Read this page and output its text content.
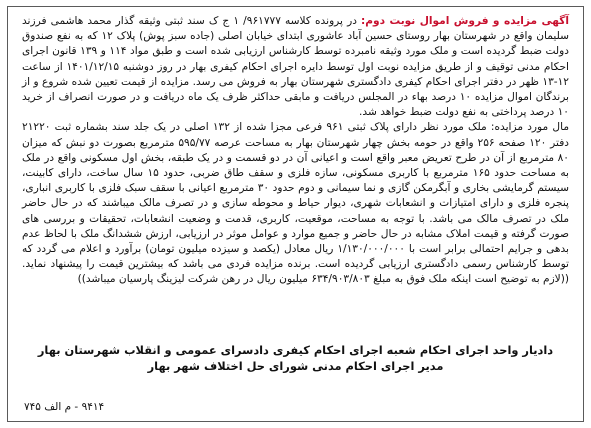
آگهی مزایده و فروش اموال نوبت دوم: در پرونده کلاسه ۹۶۱۷۷۷/ ۱ ج ک سند ثبتی وثیقه گذار محمد هاشمی فرزند سلیمان واقع در شهرستان بهار روستای حسین آباد عاشوری ابتدای خیابان اصلی (جاده سبز پوش) پلاک ۱۲ که به نفع صندوق دولت ضبط گردیده است و ملک مورد وثیقه نامبرده توسط کارشناس ارزیابی شده است و طبق مواد ۱۱۴ و ۱۳۹ قانون اجرای احکام مدنی توقیف و از طریق مزایده نوبت اول توسط دایره اجرای احکام کیفری بهار در روز دوشنبه ۱۴۰۱/۱۲/۱۵ از ساعت ۱۲-۱۳ ظهر در دفتر اجرای احکام کیفری دادگستری شهرستان بهار به فروش می رسد. مزایده از قیمت تعیین شده شروع و از برندگان اموال مزایده ۱۰ درصد بهاء در المجلس دریافت و مابقی حداکثر ظرف یک ماه دریافت و در صورت انصراف از خرید ۱۰ درصد پرداختی به نفع دولت ضبط خواهد شد.

مال مورد مزایده: ملک مورد نظر دارای پلاک ثبتی ۹۶۱ فرعی مجزا شده از ۱۳۲ اصلی در یک جلد سند بشماره ثبت ۲۱۲۲۰ دفتر ۱۲۰ صفحه ۲۵۶ واقع در حومه بخش چهار شهرستان بهار به مساحت عرصه ۵۹۵/۷۷ مترمربع بصورت دو نبش که میزان ۸۰ مترمربع از آن در طرح تعریض معبر واقع است و اعیانی آن در دو قسمت و در یک طبقه، بخش اول مسکونی واقع در ملک به مساحت حدود ۱۶۵ مترمربع با کاربری مسکونی، سازه فلزی و سقف طاق ضربی، حدود ۱۵ سال ساخت، دارای کابینت، سیستم گرمایشی بخاری و آبگرمکن گازی و نما سیمانی و دوم حدود ۳۰ مترمربع اعیانی با سقف سبک فلزی با کاربری انباری، پنجره فلزی و دارای امتیازات و انشعابات شهری، دیوار حیاط و محوطه سازی و در تصرف مالک میباشند که در حال حاضر ملک در تصرف مالک می باشد. با توجه به مساحت، موقعیت، کاربری، قدمت و وضعیت انشعابات، تحقیقات و بررسی های صورت گرفته و قیمت املاک مشابه در حال حاضر و جمیع موارد و عوامل موثر در ارزیابی، ارزش ششدانگ ملک با لحاظ عدم بدهی و جرایم احتمالی برابر است با ۱/۱۳۰/۰۰۰/۰۰۰ ریال معادل (یکصد و سیزده میلیون تومان) برآورد و اعلام می گردد که توسط کارشناس رسمی دادگستری ارزیابی گردیده است. برنده مزایده فردی می باشد که بیشترین قیمت را پیشنهاد نماید.((لازم به توضیح است اینکه ملک فوق به مبلغ ۶۳۴/۹۰۳/۸۰۳ میلیون ریال در رهن شرکت لیزینگ پارسیان میباشد))

دادیار واحد اجرای احکام شعبه اجرای احکام کیفری دادسرای عمومی و انقلاب شهرستان بهار
مدیر اجرای احکام مدنی شورای حل اختلاف شهر بهار
۹۴۱۴ - م الف ۷۴۵
